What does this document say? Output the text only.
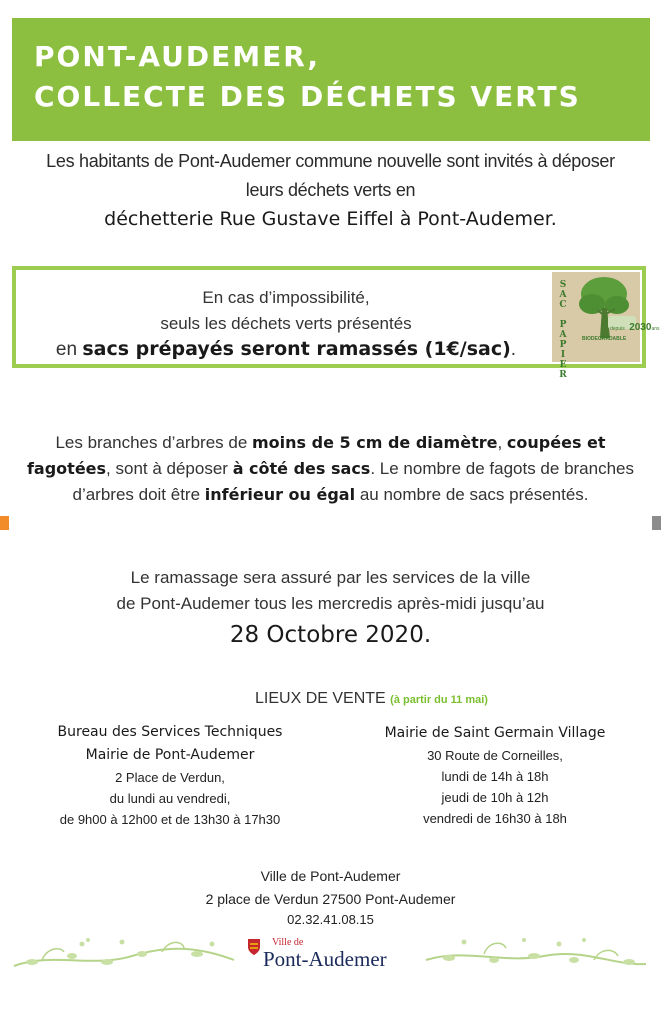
PONT-AUDEMER,
COLLECTE DES DÉCHETS VERTS
Les habitants de Pont-Audemer commune nouvelle sont invités à déposer
leurs déchets verts en
déchetterie Rue Gustave Eiffel à Pont-Audemer.
En cas d’impossibilité,
seuls les déchets verts présentés
en sacs prépayés seront ramassés (1€/sac).
S
A
C

P
A
P
I
E
R
depuis 2030ans
BIODEGRADABLE
Les branches d’arbres de moins de 5 cm de diamètre, coupées et fagotées, sont à déposer à côté des sacs. Le nombre de fagots de branches d’arbres doit être inférieur ou égal au nombre de sacs présentés.
Le ramassage sera assuré par les services de la ville
de Pont-Audemer tous les mercredis après-midi jusqu’au
28 Octobre 2020.
LIEUX DE VENTE (à partir du 11 mai)
Bureau des Services Techniques
Mairie de Pont-Audemer
2 Place de Verdun,
du lundi au vendredi,
de 9h00 à 12h00 et de 13h30 à 17h30
Mairie de Saint Germain Village
30 Route de Corneilles,
lundi de 14h à 18h
jeudi de 10h à 12h
vendredi de 16h30 à 18h
Ville de Pont-Audemer
2 place de Verdun 27500 Pont-Audemer
02.32.41.08.15
Ville de
Pont-Audemer
